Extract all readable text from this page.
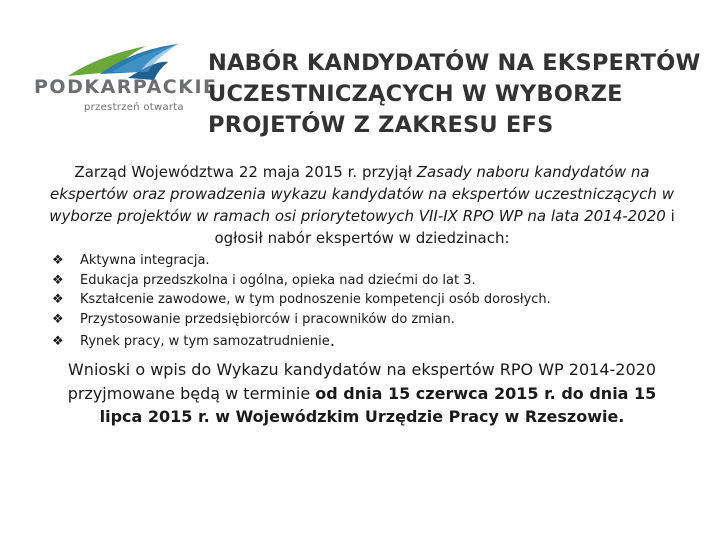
PODKARPACKIE
przestrzeń otwarta
NABÓR KANDYDATÓW NA EKSPERTÓW
UCZESTNICZĄCYCH W WYBORZE
PROJETÓW Z ZAKRESU EFS
Zarząd Województwa 22 maja 2015 r. przyjął Zasady naboru kandydatów na ekspertów oraz prowadzenia wykazu kandydatów na ekspertów uczestniczących w wyborze projektów w ramach osi priorytetowych VII-IX RPO WP na lata 2014-2020 i ogłosił nabór ekspertów w dziedzinach:
❖	Aktywna integracja.
❖	Edukacja przedszkolna i ogólna, opieka nad dziećmi do lat 3.
❖	Kształcenie zawodowe, w tym podnoszenie kompetencji osób dorosłych.
❖	Przystosowanie przedsiębiorców i pracowników do zmian.
❖	Rynek pracy, w tym samozatrudnienie .
Wnioski o wpis do Wykazu kandydatów na ekspertów RPO WP 2014-2020 przyjmowane będą w terminie od dnia 15 czerwca 2015 r. do dnia 15 lipca 2015 r. w Wojewódzkim Urzędzie Pracy w Rzeszowie.
